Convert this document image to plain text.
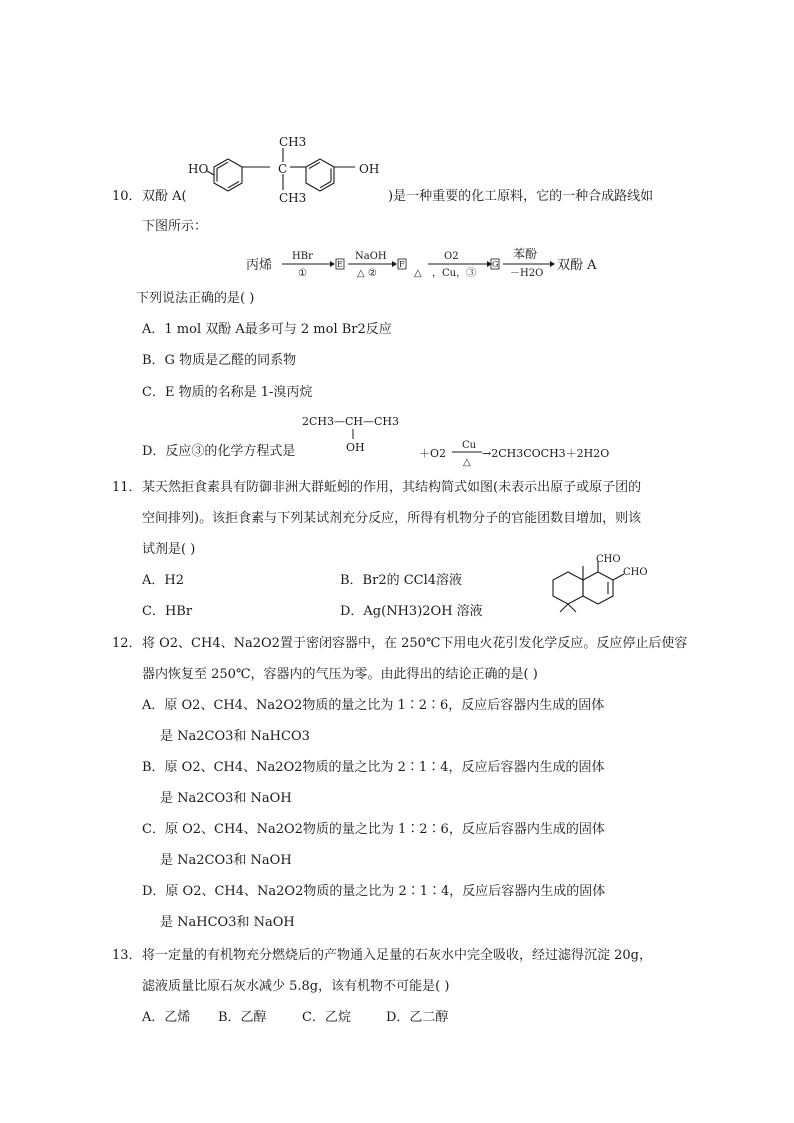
HO	C	OH
CH3
CH3
10． 双酚 A(	)是一种重要的化工原料，它的一种合成路线如
下图所示：
丙烯
HBr
①
E
NaOH
△ ②
F
△
O2
，Cu，③
G
苯酚
－H2O
双酚 A
下列说法正确的是( )
A．1 mol 双酚 A最多可与 2 mol Br2反应
B．G 物质是乙醛的同系物
C．E 物质的名称是 1-溴丙烷
2CH3—CH—CH3
OH
D．反应③的化学方程式是	＋O2
Cu
△
→2CH3COCH3＋2H2O
11． 某天然拒食素具有防御非洲大群蚯蚓的作用，其结构简式如图(未表示出原子或原子团的
空间排列)。该拒食素与下列某试剂充分反应，所得有机物分子的官能团数目增加，则该
试剂是( )
A．H2	B．Br2的 CCl4溶液
C．HBr	D．Ag(NH3)2OH 溶液
CHO
CHO
12． 将 O2、CH4、Na2O2置于密闭容器中，在 250℃下用电火花引发化学反应。反应停止后使容
器内恢复至 250℃，容器内的气压为零。由此得出的结论正确的是( )
A．原 O2、CH4、Na2O2物质的量之比为 1∶2∶6，反应后容器内生成的固体
是 Na2CO3和 NaHCO3
B．原 O2、CH4、Na2O2物质的量之比为 2∶1∶4，反应后容器内生成的固体
是 Na2CO3和 NaOH
C．原 O2、CH4、Na2O2物质的量之比为 1∶2∶6，反应后容器内生成的固体
是 Na2CO3和 NaOH
D．原 O2、CH4、Na2O2物质的量之比为 2∶1∶4，反应后容器内生成的固体
是 NaHCO3和 NaOH
13． 将一定量的有机物充分燃烧后的产物通入足量的石灰水中完全吸收，经过滤得沉淀 20g，
滤液质量比原石灰水减少 5.8g，该有机物不可能是( )
A．乙烯 B．乙醇	C．乙烷	D．乙二醇
